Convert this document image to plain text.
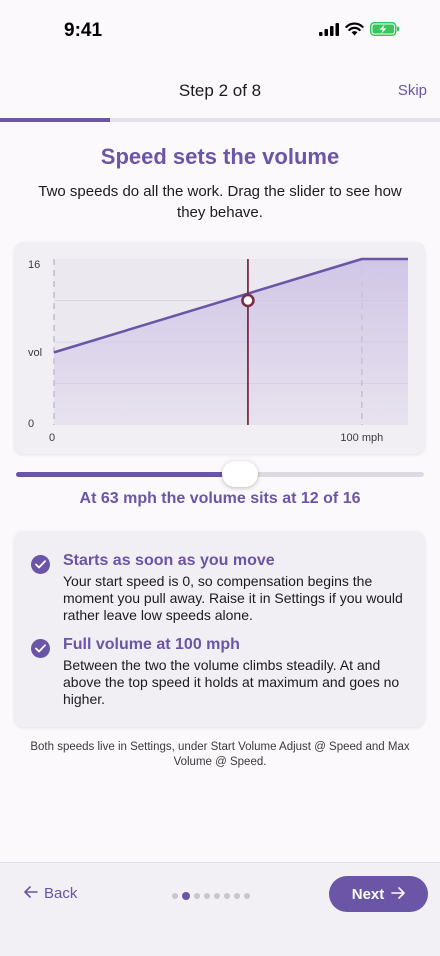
9:41
Step 2 of 8	Skip
Speed sets the volume
Two speeds do all the work. Drag the slider to see how they behave.
16
vol
0
0	100 mph
At 63 mph the volume sits at 12 of 16
Starts as soon as you move
Your start speed is 0, so compensation begins the moment you pull away. Raise it in Settings if you would rather leave low speeds alone.
Full volume at 100 mph
Between the two the volume climbs steadily. At and above the top speed it holds at maximum and goes no higher.
Both speeds live in Settings, under Start Volume Adjust @ Speed and Max Volume @ Speed.
Back	Next
